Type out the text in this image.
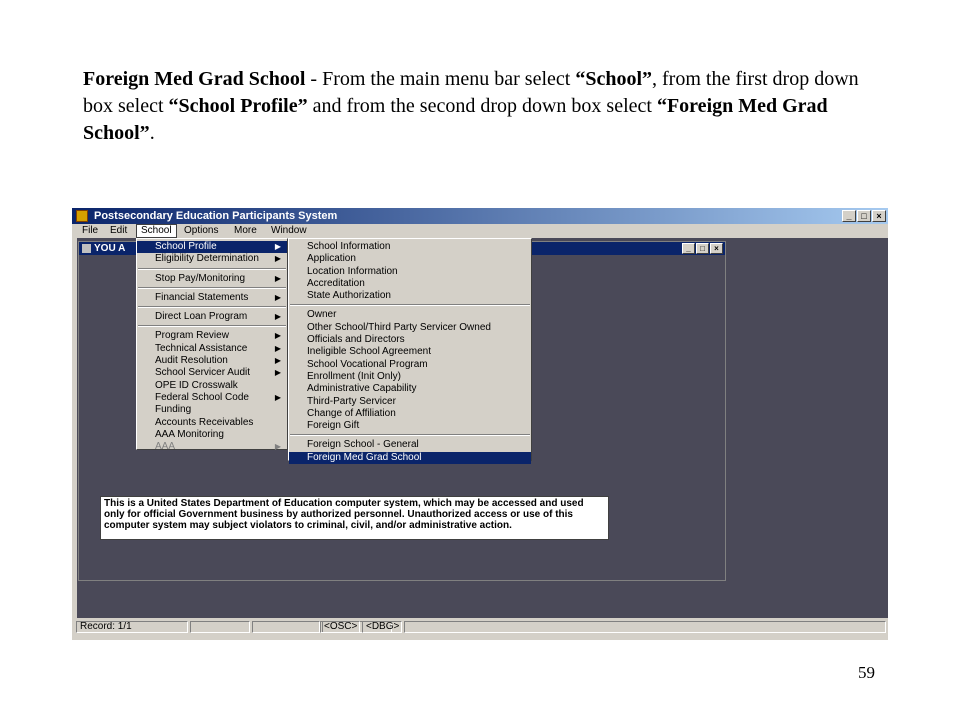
Foreign Med Grad School - From the main menu bar select “School”, from the first drop down box select “School Profile” and from the second drop down box select “Foreign Med Grad School”.
Postsecondary Education Participants System	_	□	×
File	Edit	School	Options	More	Window
YOU A	_	□	×
Record: 1/1	<OSC> <DBG>
School Profile	▶
Eligibility Determination ▶
Stop Pay/Monitoring	▶
Financial Statements	▶
Direct Loan Program	▶
Program Review	▶
Technical Assistance	▶
Audit Resolution	▶
School Servicer Audit	▶
OPE ID Crosswalk
Federal School Code	▶
Funding
Accounts Receivables
AAA Monitoring
AAA	▶
School Information
Application
Location Information
Accreditation
State Authorization
Owner
Other School/Third Party Servicer Owned
Officials and Directors
Ineligible School Agreement
School Vocational Program
Enrollment (Init Only)
Administrative Capability
Third-Party Servicer
Change of Affiliation
Foreign Gift
Foreign School - General
Foreign Med Grad School
This is a United States Department of Education computer system, which may be accessed and used only for official Government business by authorized personnel. Unauthorized access or use of this computer system may subject violators to criminal, civil, and/or administrative action.
59
